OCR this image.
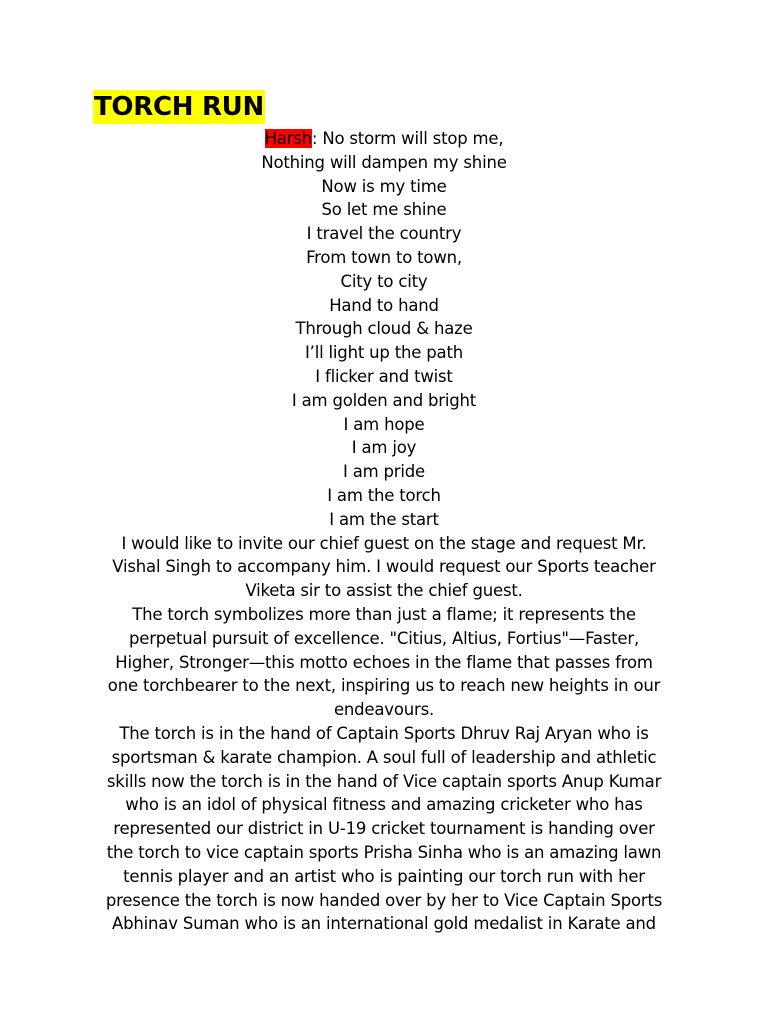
TORCH RUN
Harsh: No storm will stop me,
Nothing will dampen my shine
Now is my time
So let me shine
I travel the country
From town to town,
City to city
Hand to hand
Through cloud & haze
I’ll light up the path
I flicker and twist
I am golden and bright
I am hope
I am joy
I am pride
I am the torch
I am the start
I would like to invite our chief guest on the stage and request Mr.
Vishal Singh to accompany him. I would request our Sports teacher
Viketa sir to assist the chief guest.
The torch symbolizes more than just a flame; it represents the
perpetual pursuit of excellence. "Citius, Altius, Fortius"—Faster,
Higher, Stronger—this motto echoes in the flame that passes from
one torchbearer to the next, inspiring us to reach new heights in our
endeavours.
The torch is in the hand of Captain Sports Dhruv Raj Aryan who is
sportsman & karate champion. A soul full of leadership and athletic
skills now the torch is in the hand of Vice captain sports Anup Kumar
who is an idol of physical fitness and amazing cricketer who has
represented our district in U-19 cricket tournament is handing over
the torch to vice captain sports Prisha Sinha who is an amazing lawn
tennis player and an artist who is painting our torch run with her
presence the torch is now handed over by her to Vice Captain Sports
Abhinav Suman who is an international gold medalist in Karate and
